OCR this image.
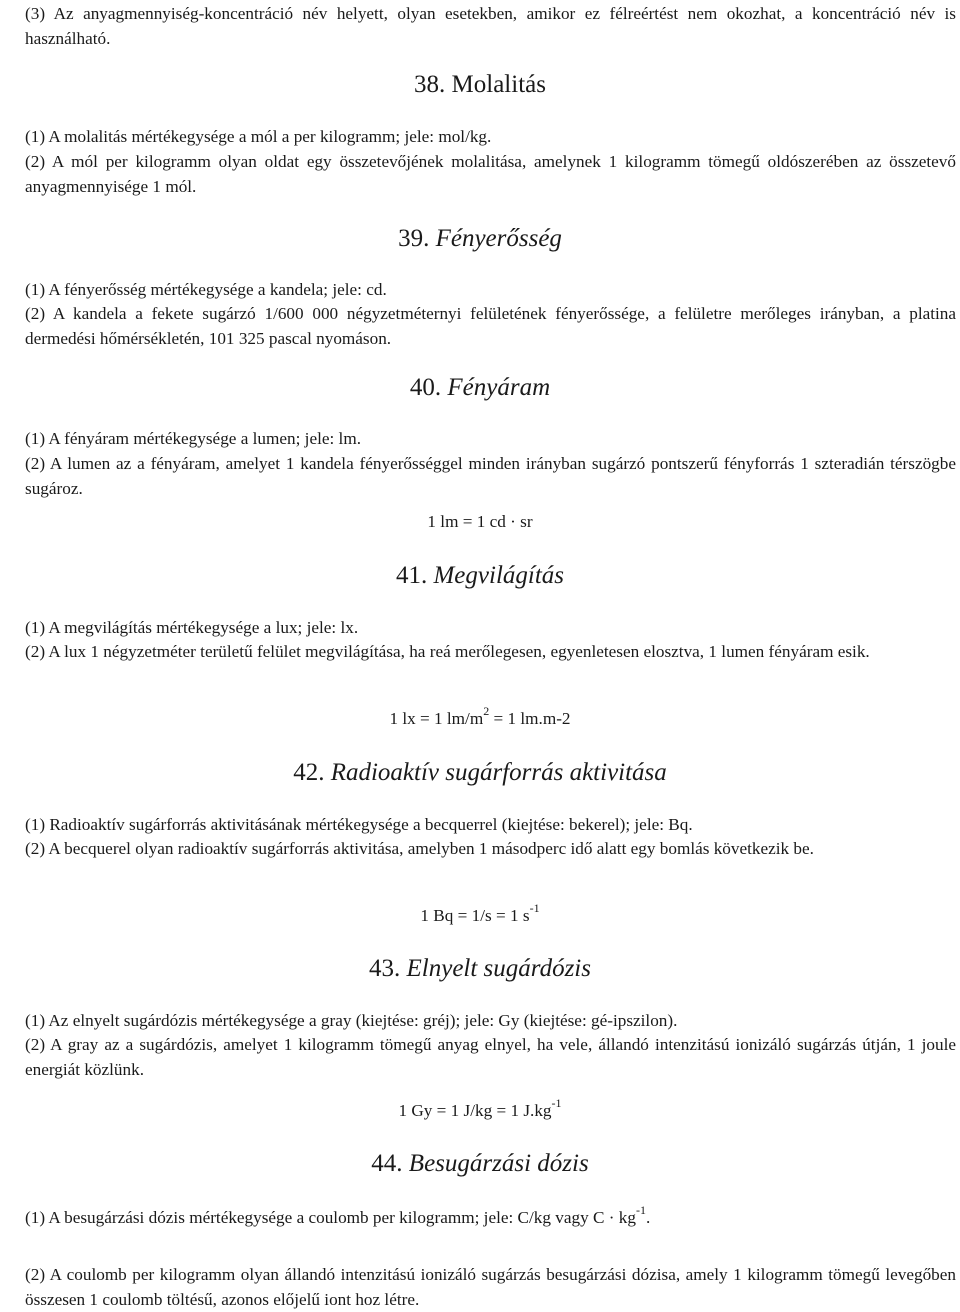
(3) Az anyagmennyiség-koncentráció név helyett, olyan esetekben, amikor ez félreértést nem okozhat, a koncentráció név is használható.

38. Molalitás

(1) A molalitás mértékegysége a mól a per kilogramm; jele: mol/kg.

(2) A mól per kilogramm olyan oldat egy összetevőjének molalitása, amelynek 1 kilogramm tömegű oldószerében az összetevő anyagmennyisége 1 mól.

39. Fényerősség

(1) A fényerősség mértékegysége a kandela; jele: cd.

(2) A kandela a fekete sugárzó 1/600 000 négyzetméternyi felületének fényerőssége, a felületre merőleges irányban, a platina dermedési hőmérsékletén, 101 325 pascal nyomáson.

40. Fényáram

(1) A fényáram mértékegysége a lumen; jele: lm.

(2) A lumen az a fényáram, amelyet 1 kandela fényerősséggel minden irányban sugárzó pontszerű fényforrás 1 szteradián térszögbe sugároz.

1 lm = 1 cd · sr

41. Megvilágítás

(1) A megvilágítás mértékegysége a lux; jele: lx.

(2) A lux 1 négyzetméter területű felület megvilágítása, ha reá merőlegesen, egyenletesen elosztva, 1 lumen fényáram esik.

1 lx = 1 $lm/m^2 = 1$ lm.m-2

42. Radioaktív sugárforrás aktivitása

(1) Radioaktív sugárforrás aktivitásának mértékegysége a becquerrel (kiejtése: bekerel); jele: Bq.

(2) A becquerel olyan radioaktív sugárforrás aktivitása, amelyben 1 másodperc idő alatt egy bomlás következik be.

1 Bq = 1/s = 1 $s^{-1}$

43. Elnyelt sugárdózis

(1) Az elnyelt sugárdózis mértékegysége a gray (kiejtése: gréj); jele: Gy (kiejtése: gé-ipszilon).

(2) A gray az a sugárdózis, amelyet 1 kilogramm tömegű anyag elnyel, ha vele, állandó intenzitású ionizáló sugárzás útján, 1 joule energiát közlünk.

1 Gy = 1 J/kg = 1 $J.kg^{-1}$

44. Besugárzási dózis

(1) A besugárzási dózis mértékegysége a coulomb per kilogramm; jele: C/kg vagy $C \cdot kg^{-1}$.

(2) A coulomb per kilogramm olyan állandó intenzitású ionizáló sugárzás besugárzási dózisa, amely 1 kilogramm tömegű levegőben összesen 1 coulomb töltésű, azonos előjelű iont hoz létre.
